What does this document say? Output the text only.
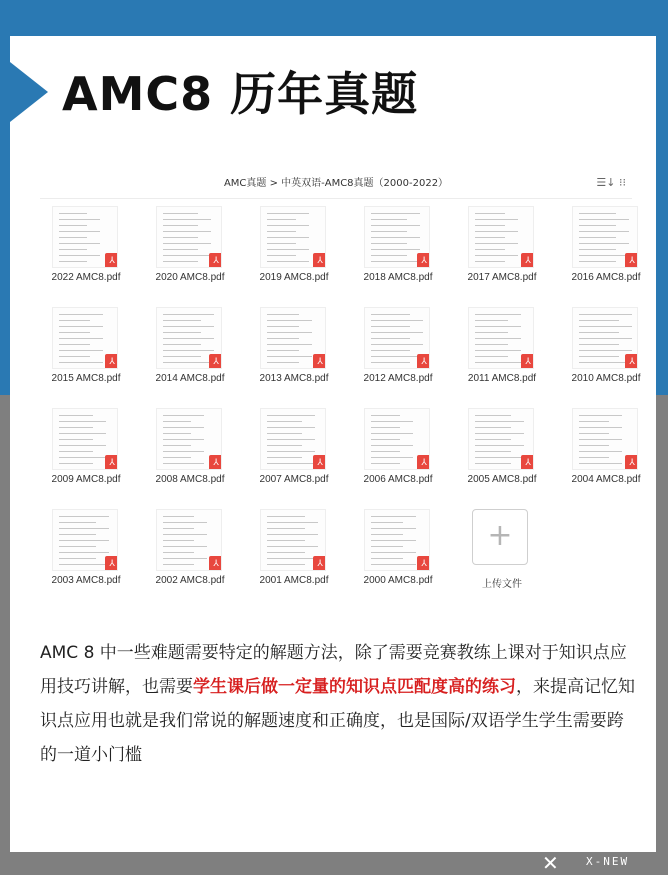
AMC8 历年真题
AMC真题 > 中英双语-AMC8真题（2000-2022）	☰↓ ⁝⁝
⅄
2022 AMC8.pdf
⅄
2020 AMC8.pdf
⅄
2019 AMC8.pdf
⅄
2018 AMC8.pdf
⅄
2017 AMC8.pdf
⅄
2016 AMC8.pdf
⅄
2015 AMC8.pdf
⅄
2014 AMC8.pdf
⅄
2013 AMC8.pdf
⅄
2012 AMC8.pdf
⅄
2011 AMC8.pdf
⅄
2010 AMC8.pdf
⅄
2009 AMC8.pdf
⅄
2008 AMC8.pdf
⅄
2007 AMC8.pdf
⅄
2006 AMC8.pdf
⅄
2005 AMC8.pdf
⅄
2004 AMC8.pdf
⅄
2003 AMC8.pdf
⅄
2002 AMC8.pdf
⅄
2001 AMC8.pdf
⅄
2000 AMC8.pdf
+
上传文件
AMC 8 中一些难题需要特定的解题方法，除了需要竞赛教练上课对于知识点应用技巧讲解，也需要学生课后做一定量的知识点匹配度高的练习，来提高记忆知识点应用也就是我们常说的解题速度和正确度，也是国际/双语学生学生需要跨的一道小门槛
✕ X-NEW
